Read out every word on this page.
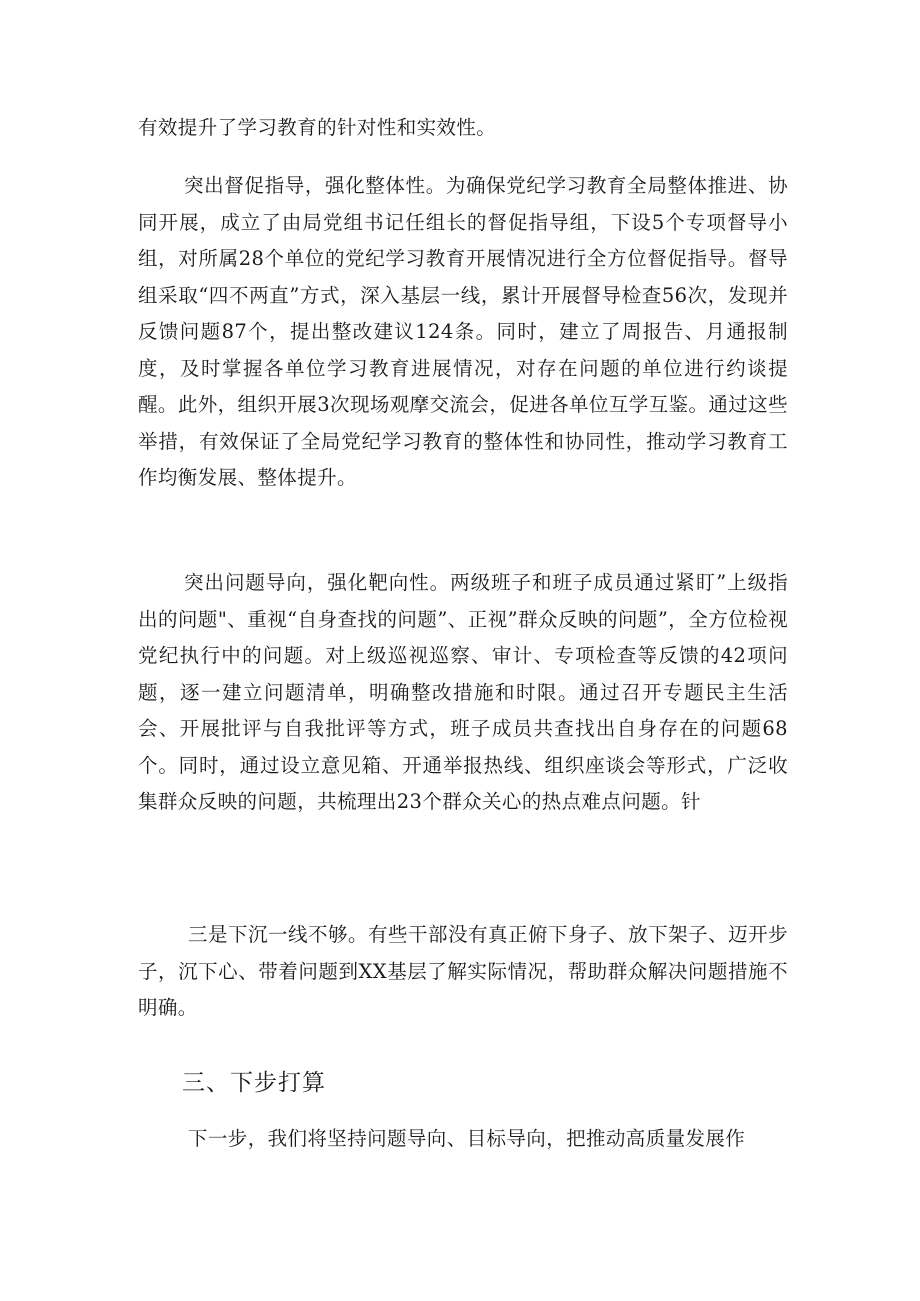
有效提升了学习教育的针对性和实效性。

突出督促指导，强化整体性。为确保党纪学习教育全局整体推进、协同开展，成立了由局党组书记任组长的督促指导组，下设5个专项督导小组，对所属28个单位的党纪学习教育开展情况进行全方位督促指导。督导组采取“四不两直”方式，深入基层一线，累计开展督导检查56次，发现并反馈问题87个，提出整改建议124条。同时，建立了周报告、月通报制度，及时掌握各单位学习教育进展情况，对存在问题的单位进行约谈提醒。此外，组织开展3次现场观摩交流会，促进各单位互学互鉴。通过这些举措，有效保证了全局党纪学习教育的整体性和协同性，推动学习教育工作均衡发展、整体提升。

突出问题导向，强化靶向性。两级班子和班子成员通过紧盯”上级指出的问题"、重视“自身查找的问题”、正视”群众反映的问题”，全方位检视党纪执行中的问题。对上级巡视巡察、审计、专项检查等反馈的42项问题，逐一建立问题清单，明确整改措施和时限。通过召开专题民主生活会、开展批评与自我批评等方式，班子成员共查找出自身存在的问题68个。同时，通过设立意见箱、开通举报热线、组织座谈会等形式，广泛收集群众反映的问题，共梳理出23个群众关心的热点难点问题。针

三是下沉一线不够。有些干部没有真正俯下身子、放下架子、迈开步子，沉下心、带着问题到XX基层了解实际情况，帮助群众解决问题措施不明确。

三、下步打算

下一步，我们将坚持问题导向、目标导向，把推动高质量发展作
